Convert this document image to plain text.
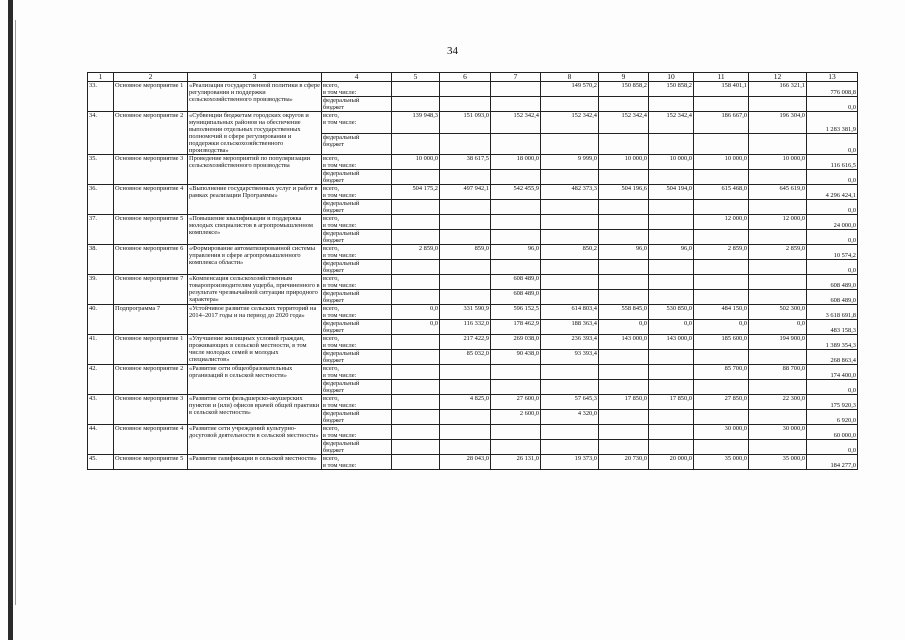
34
1	2	3	4	5	6	7	8	9	10	11	12	13
33.	Основное мероприятие 1	«Реализация государственной политики в сфере регулирования и поддержки сельскохозяйственного производства»	всего,
в том числе:				149 570,2	150 858,2	150 858,2	158 401,1	166 321,1	776 008,8

			федеральный
бюджет									0,0
34.	Основное мероприятие 2	«Субвенции бюджетам городских округов и муниципальных районов на обеспечение выполнения отдельных государственных полномочий в сфере регулирования и поддержки сельскохозяйственного производства»	всего,
в том числе:	139 948,3	151 093,0	152 342,4	152 342,4	152 342,4	152 342,4	186 667,0	196 304,0	1 283 381,9

			федеральный
бюджет									0,0
35.	Основное мероприятие 3	Проведение мероприятий по популяризации сельскохозяйственного производства	всего,
в том числе:	10 000,0	38 617,5	18 000,0	9 999,0	10 000,0	10 000,0	10 000,0	10 000,0	116 616,5

			федеральный
бюджет									0,0
36.	Основное мероприятие 4	«Выполнение государственных услуг и работ в рамках реализации Программы»	всего,
в том числе:	504 175,2	497 942,1	542 455,9	482 373,3	504 196,6	504 194,0	615 468,0	645 619,0	4 296 424,1

			федеральный
бюджет									0,0
37.	Основное мероприятие 5	«Повышение квалификации и поддержка молодых специалистов в агропромышленном комплексе»	всего,
в том числе:							12 000,0	12 000,0	24 000,0

			федеральный
бюджет									0,0
38.	Основное мероприятие 6	«Формирование автоматизированной системы управления в сфере агропромышленного комплекса области»	всего,
в том числе:	2 859,0	859,0	96,0	850,2	96,0	96,0	2 859,0	2 859,0	10 574,2

			федеральный
бюджет									0,0
39.	Основное мероприятие 7	«Компенсация сельскохозяйственным товаропроизводителям ущерба, причиненного в результате чрезвычайной ситуации природного характера»	всего,
в том числе:			608 489,0						608 489,0

			федеральный
бюджет			608 489,0						608 489,0
40.	Подпрограмма 7	«Устойчивое развитие сельских территорий на 2014–2017 годы и на период до 2020 года»	всего,
в том числе:	0,0	331 590,9	596 152,5	614 803,4	558 845,0	530 850,0	484 150,0	502 300,0	3 618 691,8

			федеральный
бюджет	0,0	116 332,0	178 462,9	188 363,4	0,0	0,0	0,0	0,0	483 158,3
41.	Основное мероприятие 1	«Улучшение жилищных условий граждан, проживающих в сельской местности, в том числе молодых семей и молодых специалистов»	всего,
в том числе:		217 422,9	269 038,0	236 393,4	143 000,0	143 000,0	185 600,0	194 900,0	1 389 354,3

			федеральный
бюджет		85 032,0	90 438,0	93 393,4					268 863,4
42.	Основное мероприятие 2	«Развитие сети общеобразовательных организаций в сельской местности»	всего,
в том числе:							85 700,0	88 700,0	174 400,0

			федеральный
бюджет									0,0
43.	Основное мероприятие 3	«Развитие сети фельдшерско-акушерских пунктов и (или) офисов врачей общей практики в сельской местности»	всего,
в том числе:		4 825,0	27 600,0	57 645,3	17 850,0	17 850,0	27 850,0	22 300,0	175 920,3

			федеральный
бюджет			2 600,0	4 320,0					6 920,0
44.	Основное мероприятие 4	«Развитие сети учреждений культурно-досуговой деятельности в сельской местности»	всего,
в том числе:							30 000,0	30 000,0	60 000,0

			федеральный
бюджет									0,0
45.	Основное мероприятие 5	«Развитие газификации в сельской местности»	всего,
в том числе:		28 043,0	26 131,0	19 373,0	20 730,0	20 000,0	35 000,0	35 000,0	184 277,0
